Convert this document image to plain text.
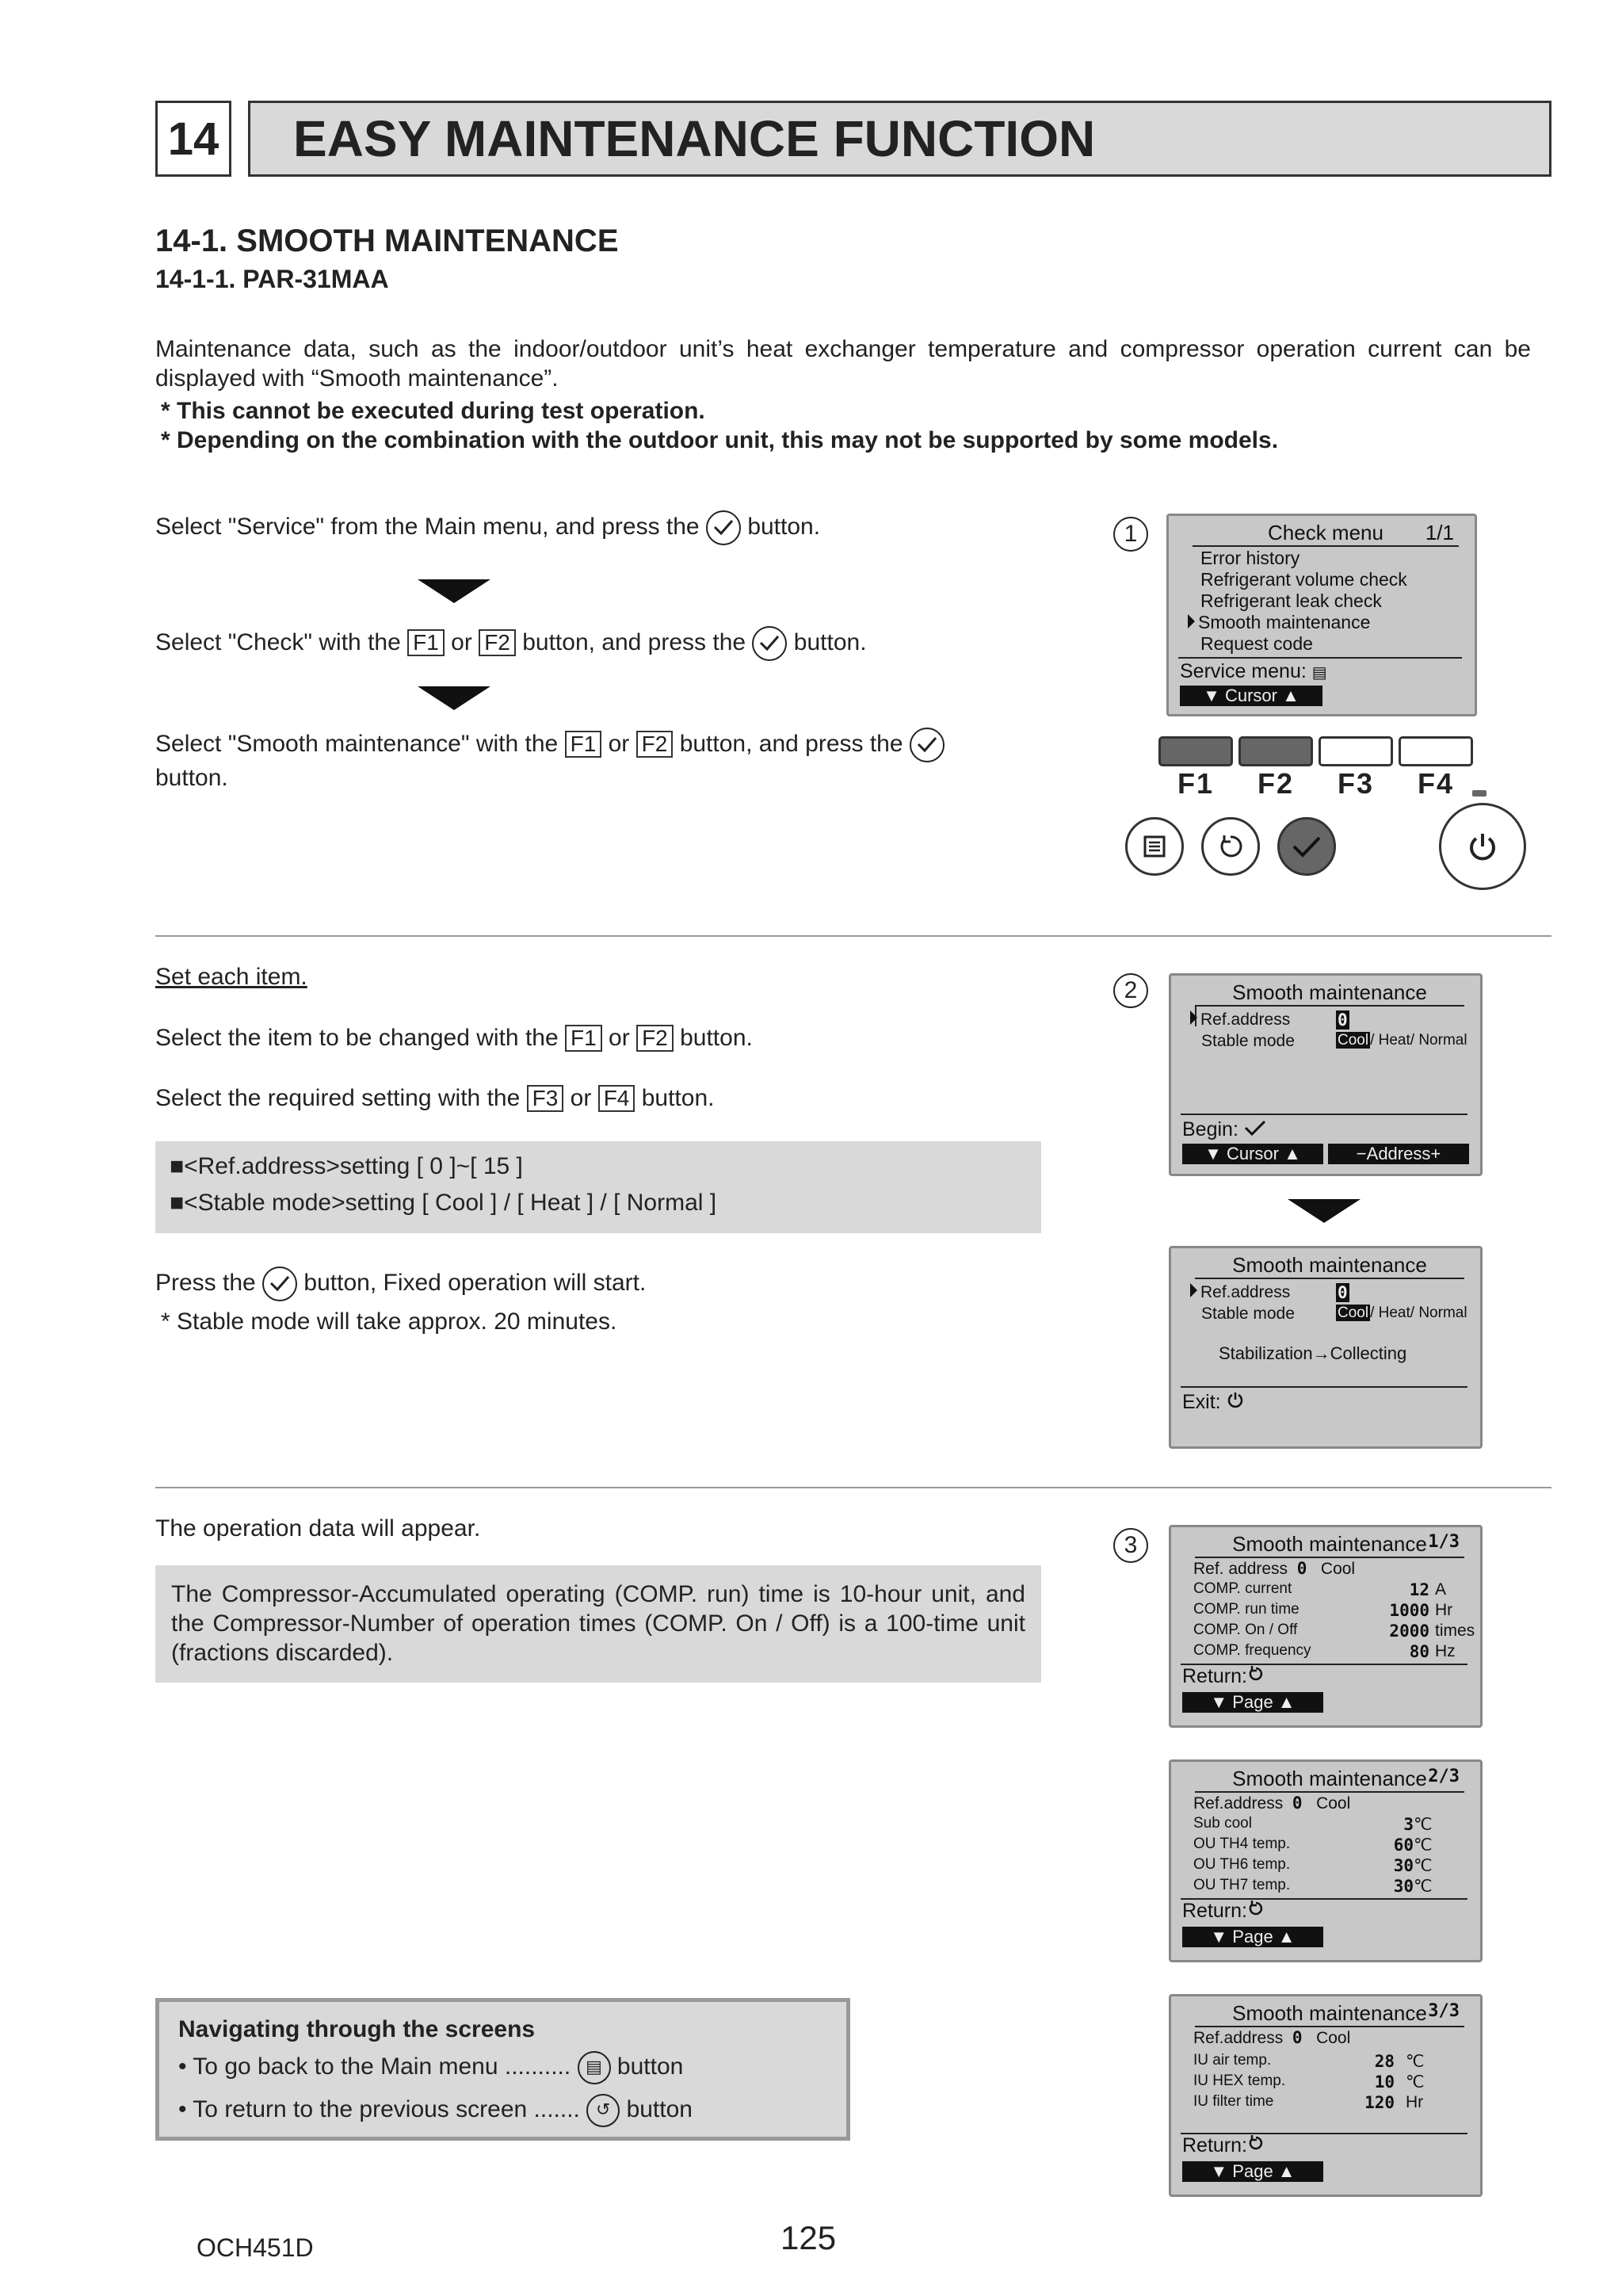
14	EASY MAINTENANCE FUNCTION
14-1. SMOOTH MAINTENANCE
14-1-1. PAR-31MAA
Maintenance data, such as the indoor/outdoor unit’s heat exchanger temperature and compressor operation current can be displayed with “Smooth maintenance”.
* This cannot be executed during test operation.
* Depending on the combination with the outdoor unit, this may not be supported by some models.
Select "Service" from the Main menu, and press the button.
Select "Check" with the F1 or F2 button, and press the button.
Select "Smooth maintenance" with the F1 or F2 button, and press the

button.
1	Check menu 1/1
Error history
Refrigerant volume check
Refrigerant leak check
Smooth maintenance
Request code
Service menu: ▤
▼ Cursor ▲
F1	F2	F3	F4
Set each item.
Select the item to be changed with the F1 or F2 button.
Select the required setting with the F3 or F4 button.
■<Ref.address>setting [ 0 ]~[ 15 ]
■<Stable mode>setting [ Cool ] / [ Heat ] / [ Normal ]
Press the button, Fixed operation will start.
* Stable mode will take approx. 20 minutes.
2	Smooth maintenance
Ref.address	0
Stable mode	Cool / Heat/ Normal
Begin:
▼ Cursor ▲	−Address+
Smooth maintenance
Ref.address	0
Stable mode	Cool / Heat/ Normal
Stabilization→Collecting
Exit:
The operation data will appear.
The Compressor-Accumulated operating (COMP. run) time is 10-hour unit, and the Compressor-Number of operation times (COMP. On / Off) is a 100-time unit (fractions discarded).
3	Smooth maintenance 1/3
Ref. address 0 Cool
COMP. current	12 A
COMP. run time	1000 Hr
COMP. On / Off	2000 times
COMP. frequency	80 Hz
Return:
▼ Page ▲
Smooth maintenance 2/3
Ref.address 0 Cool
Sub cool	3 ℃
OU TH4 temp.	60 ℃
OU TH6 temp.	30 ℃
OU TH7 temp.	30 ℃
Return:
▼ Page ▲
Smooth maintenance 3/3
Ref.address 0 Cool
IU air temp.	28 ℃
IU HEX temp.	10 ℃
IU filter time	120 Hr
Return:
▼ Page ▲
Navigating through the screens
• To go back to the Main menu .......... ▤ button
• To return to the previous screen ....... ↺ button
OCH451D	125
